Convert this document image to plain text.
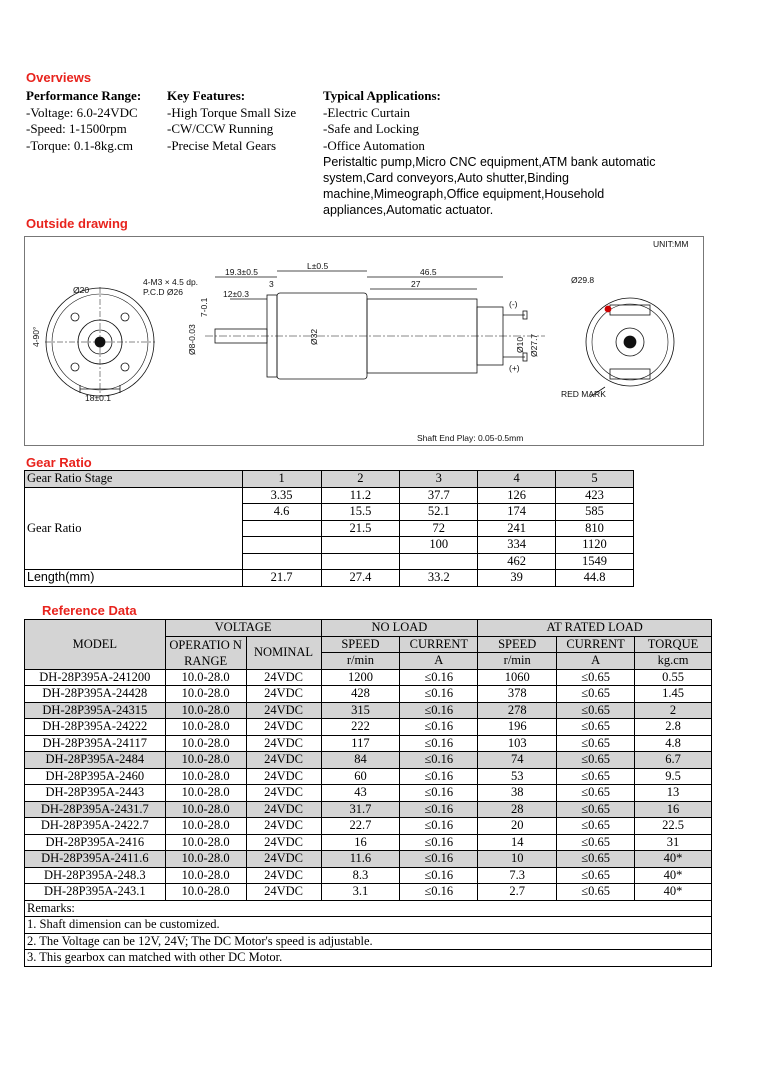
Overviews
Performance Range:
-Voltage: 6.0-24VDC
-Speed: 1-1500rpm
-Torque: 0.1-8kg.cm
Key Features:
-High Torque Small Size
-CW/CCW Running
-Precise Metal Gears
Typical Applications:
-Electric Curtain
-Safe and Locking
-Office Automation
Peristaltic pump,Micro CNC equipment,ATM bank automatic
system,Card conveyors,Auto shutter,Binding
machine,Mimeograph,Office equipment,Household
appliances,Automatic actuator.
Outside drawing
UNIT:MM
Ø20
4-M3 × 4.5 dp.
P.C.D Ø26
4-90°
18±0.1
19.3±0.5
3
12±0.3
7-0.1
Ø8-0.03	Ø32
L±0.5
46.5
27
(-)
(+)
Ø10 Ø27.7
Ø29.8
RED MARK
Shaft End Play: 0.05-0.5mm
Gear Ratio
Gear Ratio Stage	1	2	3	4	5
Gear Ratio	3.35	11.2	37.7	126	423
	4.6	15.5	52.1	174	585
		21.5	72	241	810
			100	334	1120
				462	1549
Length(mm)	21.7	27.4	33.2	39	44.8
Reference Data
MODEL	VOLTAGE		NO LOAD		AT RATED LOAD		
	OPERATIO N RANGE	NOMINAL	SPEED	CURRENT	SPEED	CURRENT	TORQUE
			r/min	A	r/min	A	kg.cm
DH-28P395A-241200	10.0-28.0	24VDC	1200	≤0.16	1060	≤0.65	0.55
DH-28P395A-24428	10.0-28.0	24VDC	428	≤0.16	378	≤0.65	1.45
DH-28P395A-24315	10.0-28.0	24VDC	315	≤0.16	278	≤0.65	2
DH-28P395A-24222	10.0-28.0	24VDC	222	≤0.16	196	≤0.65	2.8
DH-28P395A-24117	10.0-28.0	24VDC	117	≤0.16	103	≤0.65	4.8
DH-28P395A-2484	10.0-28.0	24VDC	84	≤0.16	74	≤0.65	6.7
DH-28P395A-2460	10.0-28.0	24VDC	60	≤0.16	53	≤0.65	9.5
DH-28P395A-2443	10.0-28.0	24VDC	43	≤0.16	38	≤0.65	13
DH-28P395A-2431.7	10.0-28.0	24VDC	31.7	≤0.16	28	≤0.65	16
DH-28P395A-2422.7	10.0-28.0	24VDC	22.7	≤0.16	20	≤0.65	22.5
DH-28P395A-2416	10.0-28.0	24VDC	16	≤0.16	14	≤0.65	31
DH-28P395A-2411.6	10.0-28.0	24VDC	11.6	≤0.16	10	≤0.65	40*
DH-28P395A-248.3	10.0-28.0	24VDC	8.3	≤0.16	7.3	≤0.65	40*
DH-28P395A-243.1	10.0-28.0	24VDC	3.1	≤0.16	2.7	≤0.65	40*
Remarks:							
1. Shaft dimension can be customized.							
2. The Voltage can be 12V, 24V; The DC Motor's speed is adjustable.							
3. This gearbox can matched with other DC Motor.							
